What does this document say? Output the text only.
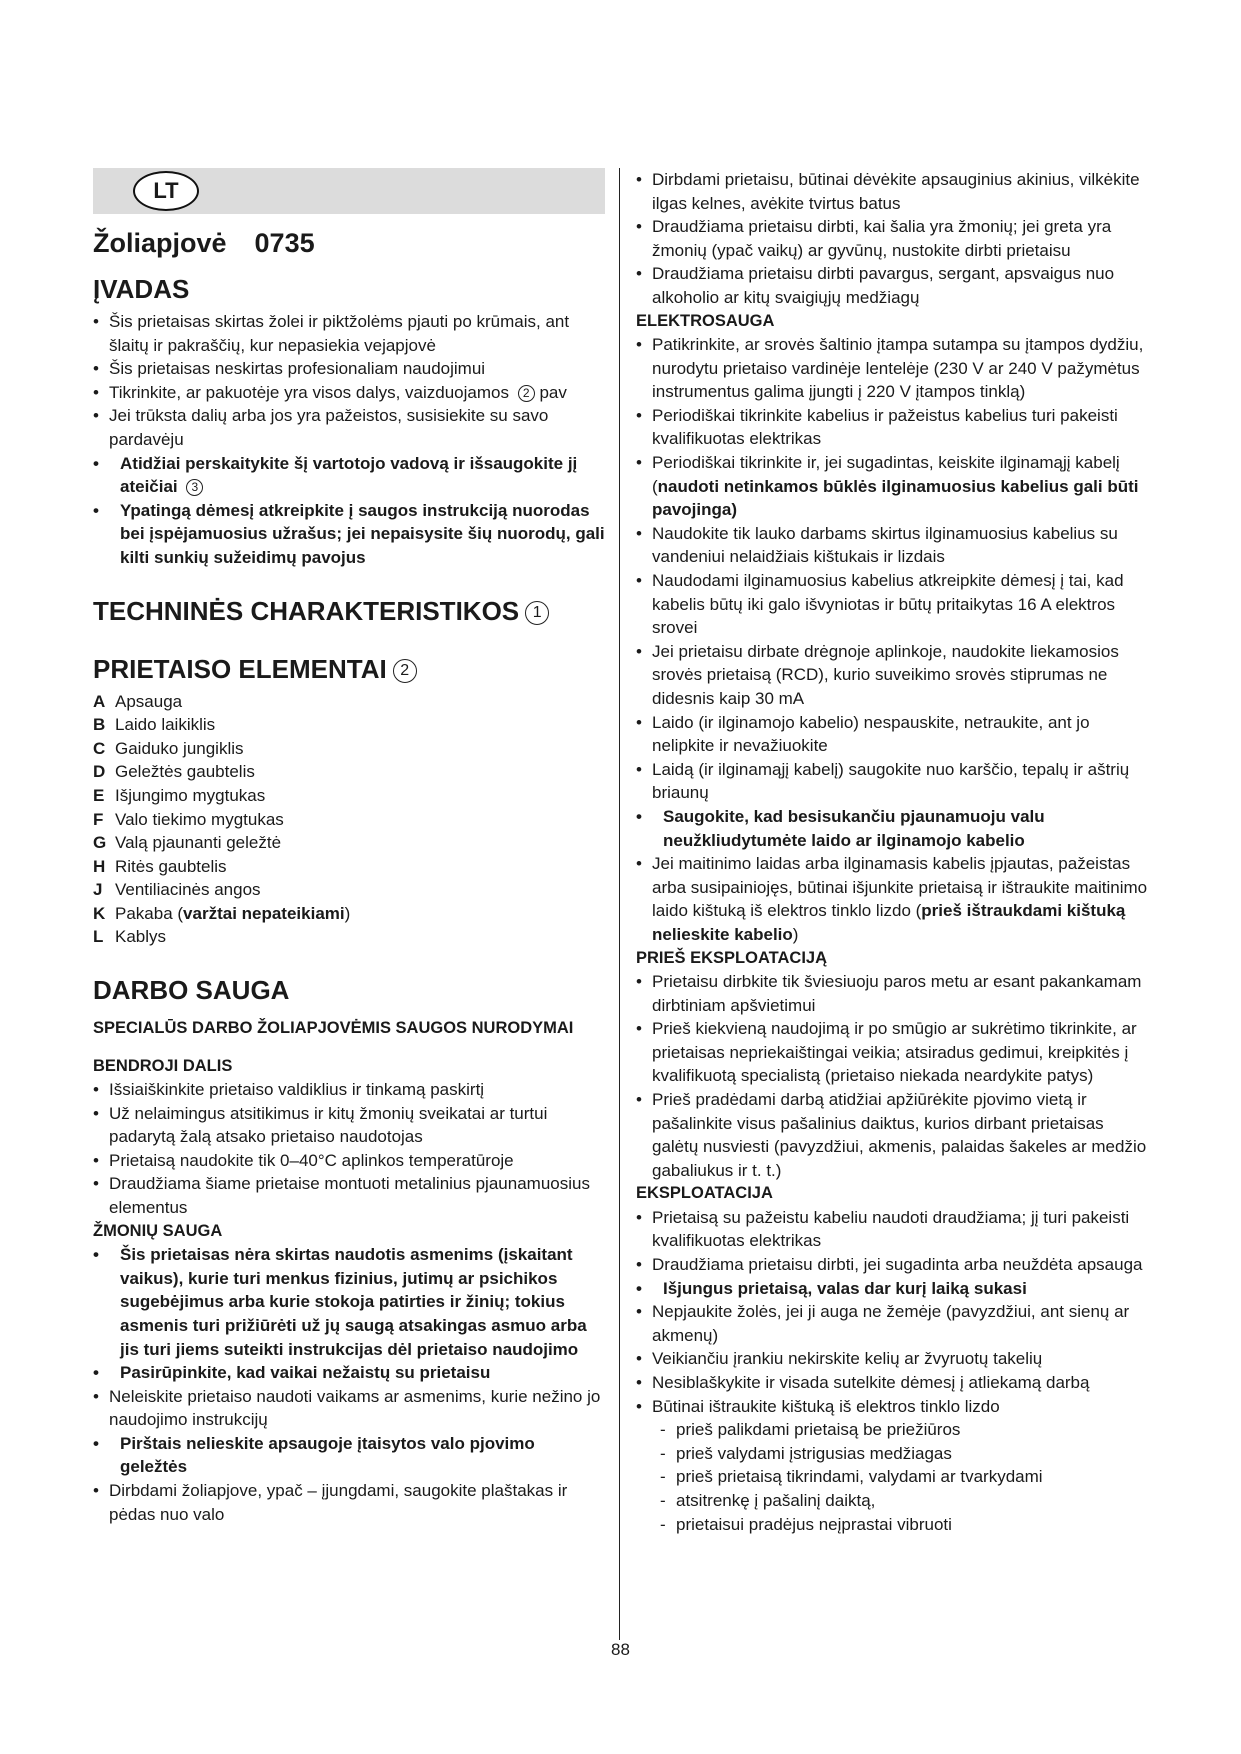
LT
Žoliapjovė 0735
ĮVADAS
• Šis prietaisas skirtas žolei ir piktžolėms pjauti po krūmais, ant šlaitų ir pakraščių, kur nepasiekia vejapjovė
• Šis prietaisas neskirtas profesionaliam naudojimui
• Tikrinkite, ar pakuotėje yra visos dalys, vaizduojamos 2 pav
• Jei trūksta dalių arba jos yra pažeistos, susisiekite su savo pardavėju
• Atidžiai perskaitykite šį vartotojo vadovą ir išsaugokite jį ateičiai 3
• Ypatingą dėmesį atkreipkite į saugos instrukciją nuorodas bei įspėjamuosius užrašus; jei nepaisysite šių nuorodų, gali kilti sunkių sužeidimų pavojus
TECHNINĖS CHARAKTERISTIKOS 1
PRIETAISO ELEMENTAI 2
A Apsauga
B Laido laikiklis
C Gaiduko jungiklis
D Geležtės gaubtelis
E Išjungimo mygtukas
F Valo tiekimo mygtukas
G Valą pjaunanti geležtė
H Ritės gaubtelis
J Ventiliacinės angos
K Pakaba (varžtai nepateikiami)
L Kablys
DARBO SAUGA
SPECIALŪS DARBO ŽOLIAPJOVĖMIS SAUGOS NURODYMAI
BENDROJI DALIS
• Išsiaiškinkite prietaiso valdiklius ir tinkamą paskirtį
• Už nelaimingus atsitikimus ir kitų žmonių sveikatai ar turtui padarytą žalą atsako prietaiso naudotojas
• Prietaisą naudokite tik 0–40°C aplinkos temperatūroje
• Draudžiama šiame prietaise montuoti metalinius pjaunamuosius elementus
ŽMONIŲ SAUGA
• Šis prietaisas nėra skirtas naudotis asmenims (įskaitant vaikus), kurie turi menkus fizinius, jutimų ar psichikos sugebėjimus arba kurie stokoja patirties ir žinių; tokius asmenis turi prižiūrėti už jų saugą atsakingas asmuo arba jis turi jiems suteikti instrukcijas dėl prietaiso naudojimo
• Pasirūpinkite, kad vaikai nežaistų su prietaisu
• Neleiskite prietaiso naudoti vaikams ar asmenims, kurie nežino jo naudojimo instrukcijų
• Pirštais nelieskite apsaugoje įtaisytos valo pjovimo geležtės
• Dirbdami žoliapjove, ypač – įjungdami, saugokite plaštakas ir pėdas nuo valo
• Dirbdami prietaisu, būtinai dėvėkite apsauginius akinius, vilkėkite ilgas kelnes, avėkite tvirtus batus
• Draudžiama prietaisu dirbti, kai šalia yra žmonių; jei greta yra žmonių (ypač vaikų) ar gyvūnų, nustokite dirbti prietaisu
• Draudžiama prietaisu dirbti pavargus, sergant, apsvaigus nuo alkoholio ar kitų svaigiųjų medžiagų
ELEKTROSAUGA
• Patikrinkite, ar srovės šaltinio įtampa sutampa su įtampos dydžiu, nurodytu prietaiso vardinėje lentelėje (230 V ar 240 V pažymėtus instrumentus galima įjungti į 220 V įtampos tinklą)
• Periodiškai tikrinkite kabelius ir pažeistus kabelius turi pakeisti kvalifikuotas elektrikas
• Periodiškai tikrinkite ir, jei sugadintas, keiskite ilginamąjį kabelį (naudoti netinkamos būklės ilginamuosius kabelius gali būti pavojinga)
• Naudokite tik lauko darbams skirtus ilginamuosius kabelius su vandeniui nelaidžiais kištukais ir lizdais
• Naudodami ilginamuosius kabelius atkreipkite dėmesį į tai, kad kabelis būtų iki galo išvyniotas ir būtų pritaikytas 16 A elektros srovei
• Jei prietaisu dirbate drėgnoje aplinkoje, naudokite liekamosios srovės prietaisą (RCD), kurio suveikimo srovės stiprumas ne didesnis kaip 30 mA
• Laido (ir ilginamojo kabelio) nespauskite, netraukite, ant jo nelipkite ir nevažiuokite
• Laidą (ir ilginamąjį kabelį) saugokite nuo karščio, tepalų ir aštrių briaunų
• Saugokite, kad besisukančiu pjaunamuoju valu neužkliudytumėte laido ar ilginamojo kabelio
• Jei maitinimo laidas arba ilginamasis kabelis įpjautas, pažeistas arba susipainiojęs, būtinai išjunkite prietaisą ir ištraukite maitinimo laido kištuką iš elektros tinklo lizdo (prieš ištraukdami kištuką nelieskite kabelio)
PRIEŠ EKSPLOATACIJĄ
• Prietaisu dirbkite tik šviesiuoju paros metu ar esant pakankamam dirbtiniam apšvietimui
• Prieš kiekvieną naudojimą ir po smūgio ar sukrėtimo tikrinkite, ar prietaisas nepriekaištingai veikia; atsiradus gedimui, kreipkitės į kvalifikuotą specialistą (prietaiso niekada neardykite patys)
• Prieš pradėdami darbą atidžiai apžiūrėkite pjovimo vietą ir pašalinkite visus pašalinius daiktus, kurios dirbant prietaisas galėtų nusviesti (pavyzdžiui, akmenis, palaidas šakeles ar medžio gabaliukus ir t. t.)
EKSPLOATACIJA
• Prietaisą su pažeistu kabeliu naudoti draudžiama; jį turi pakeisti kvalifikuotas elektrikas
• Draudžiama prietaisu dirbti, jei sugadinta arba neuždėta apsauga
• Išjungus prietaisą, valas dar kurį laiką sukasi
• Nepjaukite žolės, jei ji auga ne žemėje (pavyzdžiui, ant sienų ar akmenų)
• Veikiančiu įrankiu nekirskite kelių ar žvyruotų takelių
• Nesiblaškykite ir visada sutelkite dėmesį į atliekamą darbą
• Būtinai ištraukite kištuką iš elektros tinklo lizdo
- prieš palikdami prietaisą be priežiūros
- prieš valydami įstrigusias medžiagas
- prieš prietaisą tikrindami, valydami ar tvarkydami
- atsitrenkę į pašalinį daiktą,
- prietaisui pradėjus neįprastai vibruoti
88
